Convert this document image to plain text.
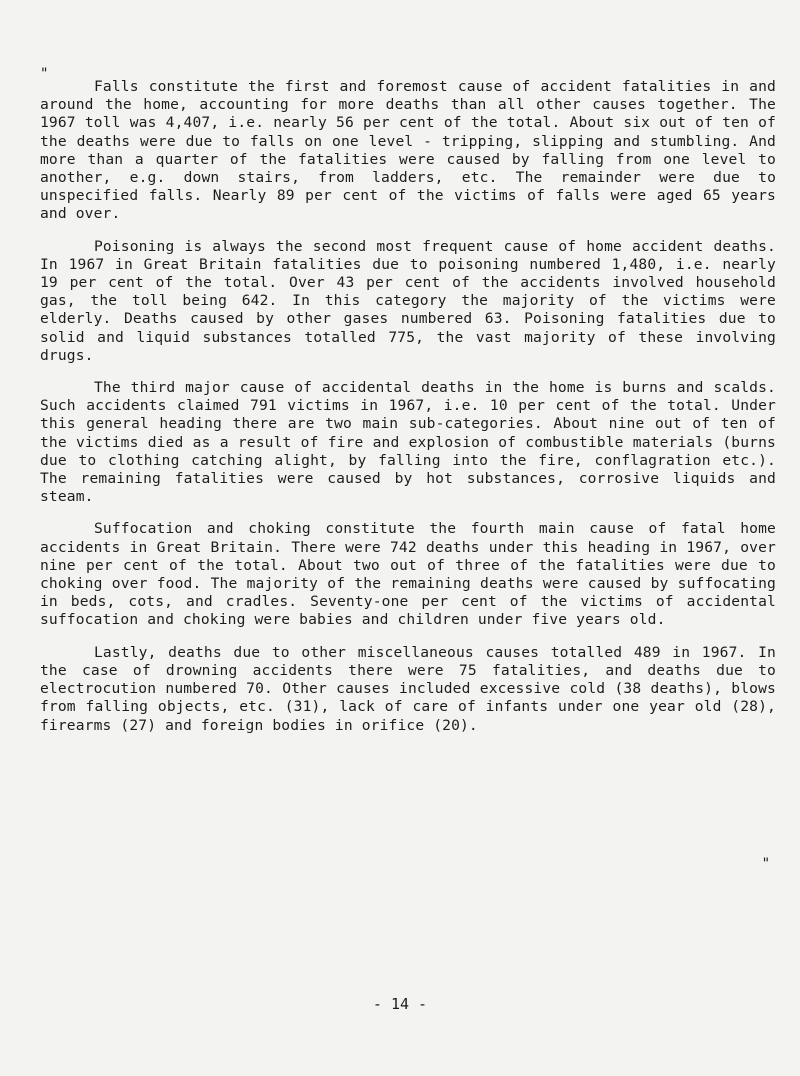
"

Falls constitute the first and foremost cause of accident fatalities in and around the home, accounting for more deaths than all other causes together. The 1967 toll was 4,407, i.e. nearly 56 per cent of the total. About six out of ten of the deaths were due to falls on one level - tripping, slipping and stumbling. And more than a quarter of the fatalities were caused by falling from one level to another, e.g. down stairs, from ladders, etc. The remainder were due to unspecified falls. Nearly 89 per cent of the victims of falls were aged 65 years and over.

Poisoning is always the second most frequent cause of home accident deaths. In 1967 in Great Britain fatalities due to poisoning numbered 1,480, i.e. nearly 19 per cent of the total. Over 43 per cent of the accidents involved household gas, the toll being 642. In this category the majority of the victims were elderly. Deaths caused by other gases numbered 63. Poisoning fatalities due to solid and liquid substances totalled 775, the vast majority of these involving drugs.

The third major cause of accidental deaths in the home is burns and scalds. Such accidents claimed 791 victims in 1967, i.e. 10 per cent of the total. Under this general heading there are two main sub-categories. About nine out of ten of the victims died as a result of fire and explosion of combustible materials (burns due to clothing catching alight, by falling into the fire, conflagration etc.). The remaining fatalities were caused by hot substances, corrosive liquids and steam.

Suffocation and choking constitute the fourth main cause of fatal home accidents in Great Britain. There were 742 deaths under this heading in 1967, over nine per cent of the total. About two out of three of the fatalities were due to choking over food. The majority of the remaining deaths were caused by suffocating in beds, cots, and cradles. Seventy-one per cent of the victims of accidental suffocation and choking were babies and children under five years old.

Lastly, deaths due to other miscellaneous causes totalled 489 in 1967. In the case of drowning accidents there were 75 fatalities, and deaths due to electrocution numbered 70. Other causes included excessive cold (38 deaths), blows from falling objects, etc. (31), lack of care of infants under one year old (28), firearms (27) and foreign bodies in orifice (20).

"
- 14 -
